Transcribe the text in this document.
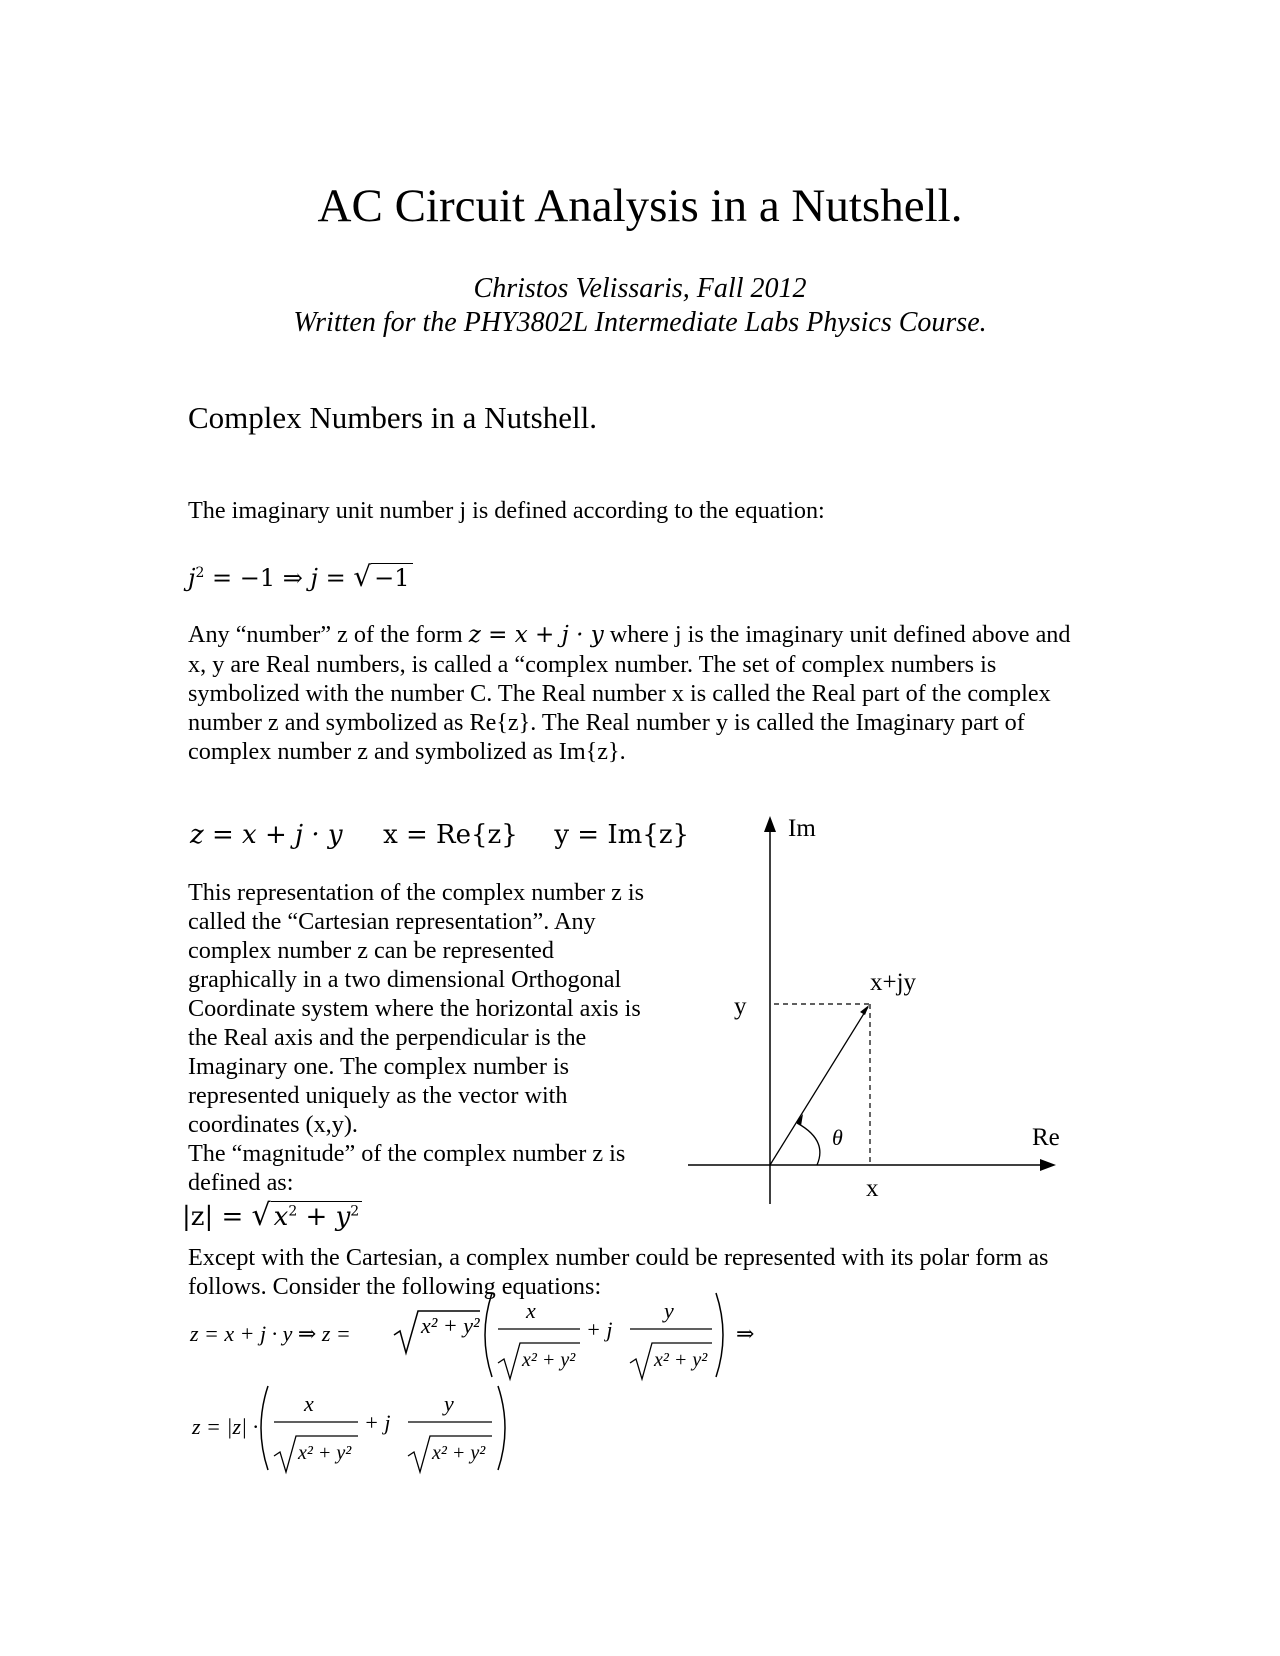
AC Circuit Analysis in a Nutshell.
Christos Velissaris, Fall 2012
Written for the PHY3802L Intermediate Labs Physics Course.
Complex Numbers in a Nutshell.
The imaginary unit number j is defined according to the equation:
$j^2 = -1$ ⇒ j = √ −1
Any “number” z of the form z = x + j · y where j is the imaginary unit defined above and x, y are Real numbers, is called a “complex number. The set of complex numbers is symbolized with the number C. The Real number x is called the Real part of the complex number z and symbolized as Re{z}. The Real number y is called the Imaginary part of complex number z and symbolized as Im{z}.
z = x + j · y x = Re{z} y = Im{z}
This representation of the complex number z is called the “Cartesian representation”. Any complex number z can be represented graphically in a two dimensional Orthogonal Coordinate system where the horizontal axis is the Real axis and the perpendicular is the Imaginary one. The complex number is represented uniquely as the vector with coordinates (x,y).
The “magnitude” of the complex number z is defined as:
|z| = √ $x^2 + y^2$
Except with the Cartesian, a complex number could be represented with its polar form as follows. Consider the following equations:
z = x + j · y ⇒ z =	x² + y²
x
x² + y²
+ j
y
x² + y²
⇒
z = |z| ·
x
x² + y²
+ j
y
x² + y²
Im
Re
x+jy
y
x
θ
